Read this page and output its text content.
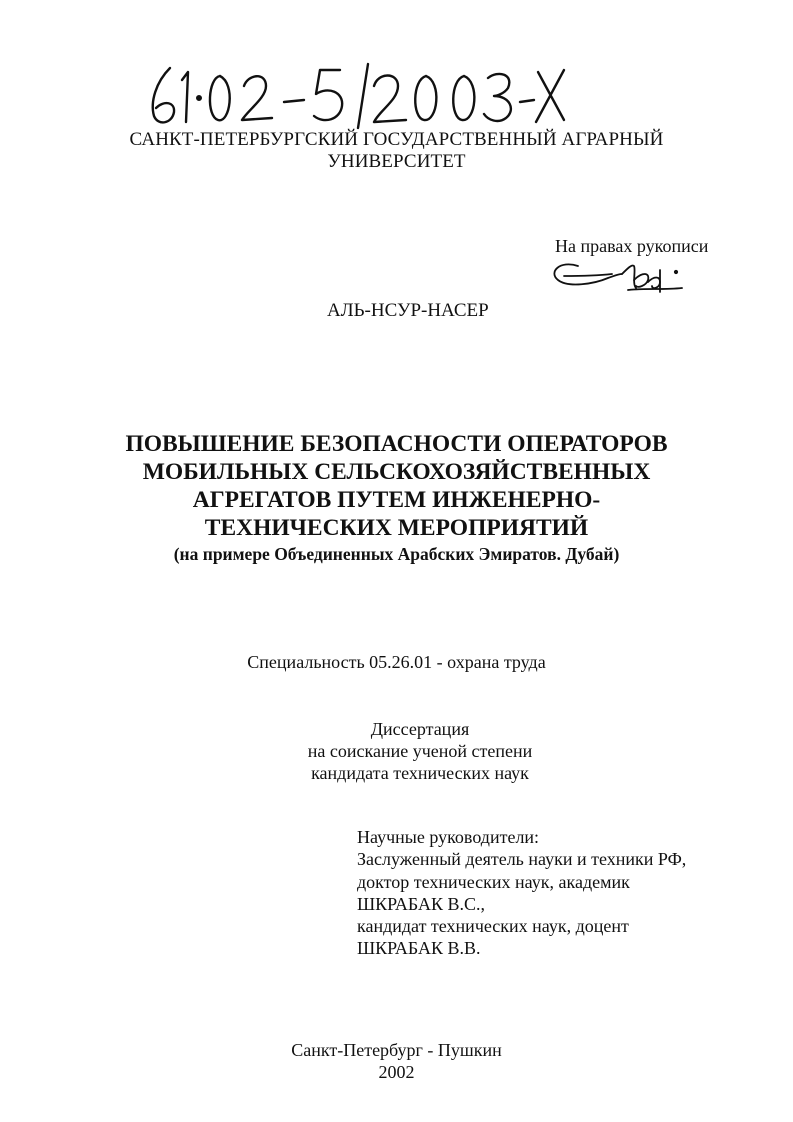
САНКТ-ПЕТЕРБУРГСКИЙ ГОСУДАРСТВЕННЫЙ АГРАРНЫЙ
УНИВЕРСИТЕТ
На правах рукописи
АЛЬ-НСУР-НАСЕР
ПОВЫШЕНИЕ БЕЗОПАСНОСТИ ОПЕРАТОРОВ
МОБИЛЬНЫХ СЕЛЬСКОХОЗЯЙСТВЕННЫХ
АГРЕГАТОВ ПУТЕМ ИНЖЕНЕРНО-
ТЕХНИЧЕСКИХ МЕРОПРИЯТИЙ
(на примере Объединенных Арабских Эмиратов. Дубай)
Специальность 05.26.01 - охрана труда
Диссертация
на соискание ученой степени
кандидата технических наук
Научные руководители:
Заслуженный деятель науки и техники РФ,
доктор технических наук, академик
ШКРАБАК В.С.,
кандидат технических наук, доцент
ШКРАБАК В.В.
Санкт-Петербург - Пушкин
2002
